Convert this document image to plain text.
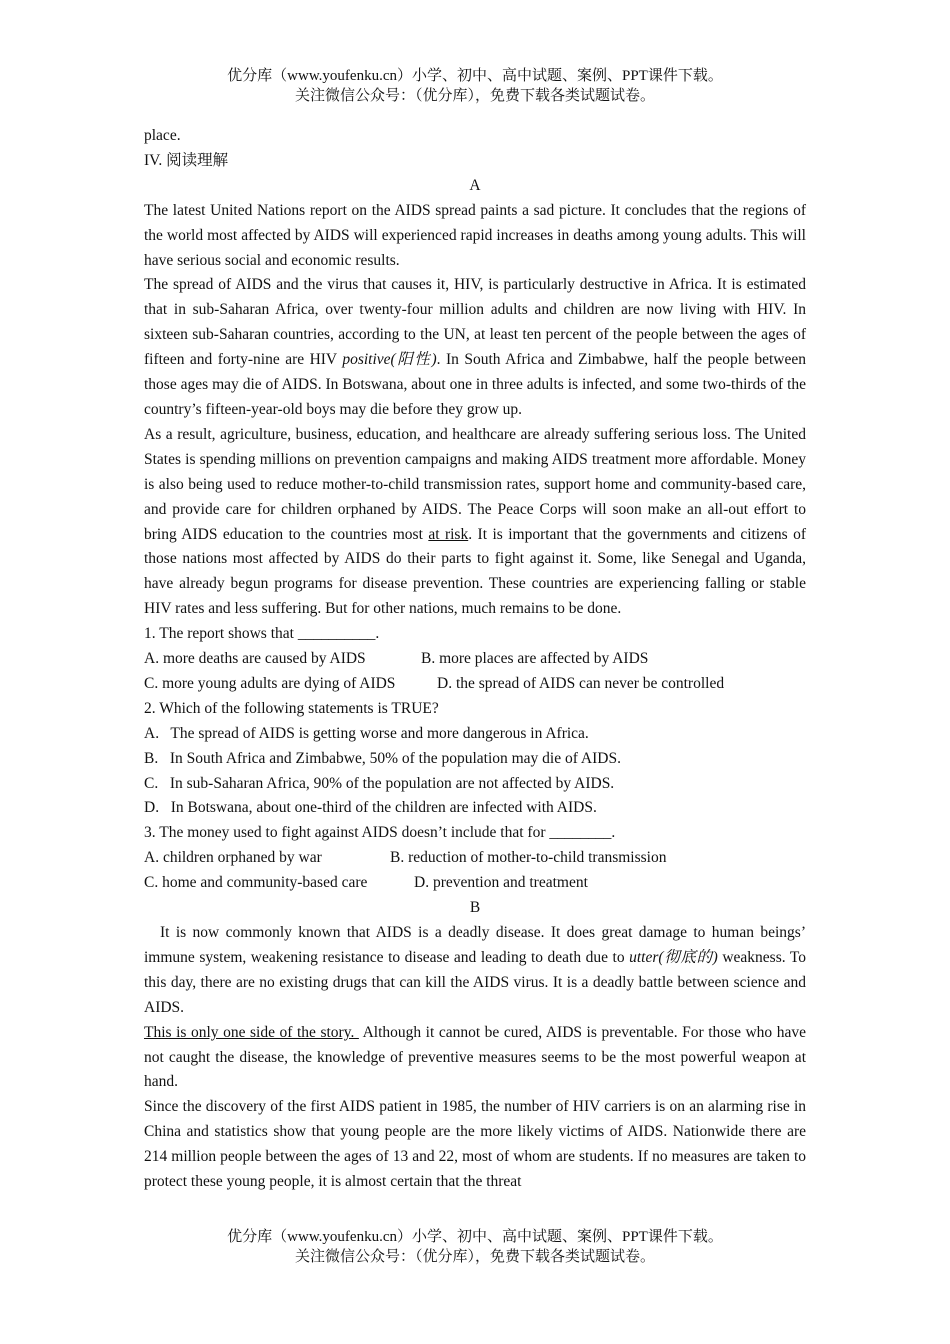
优分库（www.youfenku.cn）小学、初中、高中试题、案例、PPT课件下载。
关注微信公众号：（优分库），免费下载各类试题试卷。

place.

IV. 阅读理解

A

The latest United Nations report on the AIDS spread paints a sad picture. It concludes that the regions of the world most affected by AIDS will experienced rapid increases in deaths among young adults. This will have serious social and economic results.

The spread of AIDS and the virus that causes it, HIV, is particularly destructive in Africa. It is estimated that in sub-Saharan Africa, over twenty-four million adults and children are now living with HIV. In sixteen sub-Saharan countries, according to the UN, at least ten percent of the people between the ages of fifteen and forty-nine are HIV positive(阳性). In South Africa and Zimbabwe, half the people between those ages may die of AIDS. In Botswana, about one in three adults is infected, and some two-thirds of the country’s fifteen-year-old boys may die before they grow up.

As a result, agriculture, business, education, and healthcare are already suffering serious loss. The United States is spending millions on prevention campaigns and making AIDS treatment more affordable. Money is also being used to reduce mother-to-child transmission rates, support home and community-based care, and provide care for children orphaned by AIDS. The Peace Corps will soon make an all-out effort to bring AIDS education to the countries most at risk. It is important that the governments and citizens of those nations most affected by AIDS do their parts to fight against it. Some, like Senegal and Uganda, have already begun programs for disease prevention. These countries are experiencing falling or stable HIV rates and less suffering. But for other nations, much remains to be done.

1. The report shows that __________.

A. more deaths are caused by AIDS	B. more places are affected by AIDS
C. more young adults are dying of AIDS	D. the spread of AIDS can never be controlled

2. Which of the following statements is TRUE?

A.   The spread of AIDS is getting worse and more dangerous in Africa.

B.   In South Africa and Zimbabwe, 50% of the population may die of AIDS.

C.   In sub-Saharan Africa, 90% of the population are not affected by AIDS.

D.   In Botswana, about one-third of the children are infected with AIDS.

3. The money used to fight against AIDS doesn’t include that for ________.

A. children orphaned by war	B. reduction of mother-to-child transmission
C. home and community-based care	D. prevention and treatment

B

It is now commonly known that AIDS is a deadly disease. It does great damage to human beings’ immune system, weakening resistance to disease and leading to death due to utter(彻底的) weakness. To this day, there are no existing drugs that can kill the AIDS virus. It is a deadly battle between science and AIDS.

This is only one side of the story.  Although it cannot be cured, AIDS is preventable. For those who have not caught the disease, the knowledge of preventive measures seems to be the most powerful weapon at hand.

Since the discovery of the first AIDS patient in 1985, the number of HIV carriers is on an alarming rise in China and statistics show that young people are the more likely victims of AIDS. Nationwide there are 214 million people between the ages of 13 and 22, most of whom are students. If no measures are taken to protect these young people, it is almost certain that the threat

优分库（www.youfenku.cn）小学、初中、高中试题、案例、PPT课件下载。
关注微信公众号：（优分库），免费下载各类试题试卷。
